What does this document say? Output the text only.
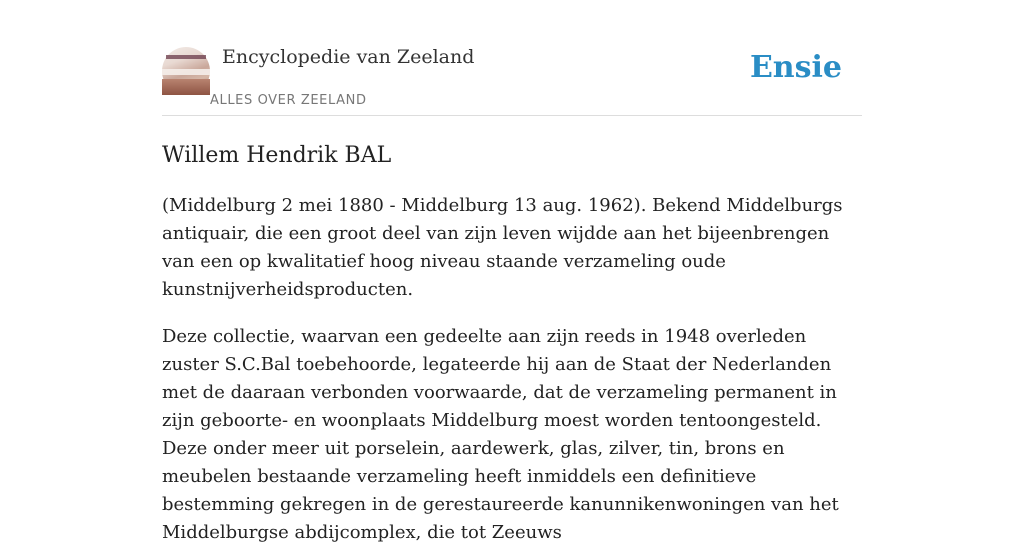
Encyclopedie van Zeeland
ALLES OVER ZEELAND
Ensie
Willem Hendrik BAL

(Middelburg 2 mei 1880 - Middelburg 13 aug. 1962). Bekend Middelburgs antiquair, die een groot deel van zijn leven wijdde aan het bijeenbrengen van een op kwalitatief hoog niveau staande verzameling oude kunstnijverheidsproducten.

Deze collectie, waarvan een gedeelte aan zijn reeds in 1948 overleden zuster S.C.Bal toebehoorde, legateerde hij aan de Staat der Nederlanden met de daaraan verbonden voorwaarde, dat de verzameling permanent in zijn geboorte- en woonplaats Middelburg moest worden tentoongesteld. Deze onder meer uit porselein, aardewerk, glas, zilver, tin, brons en meubelen bestaande verzameling heeft inmiddels een definitieve bestemming gekregen in de gerestaureerde kanunnikenwoningen van het Middelburgse abdijcomplex, die tot Zeeuws
